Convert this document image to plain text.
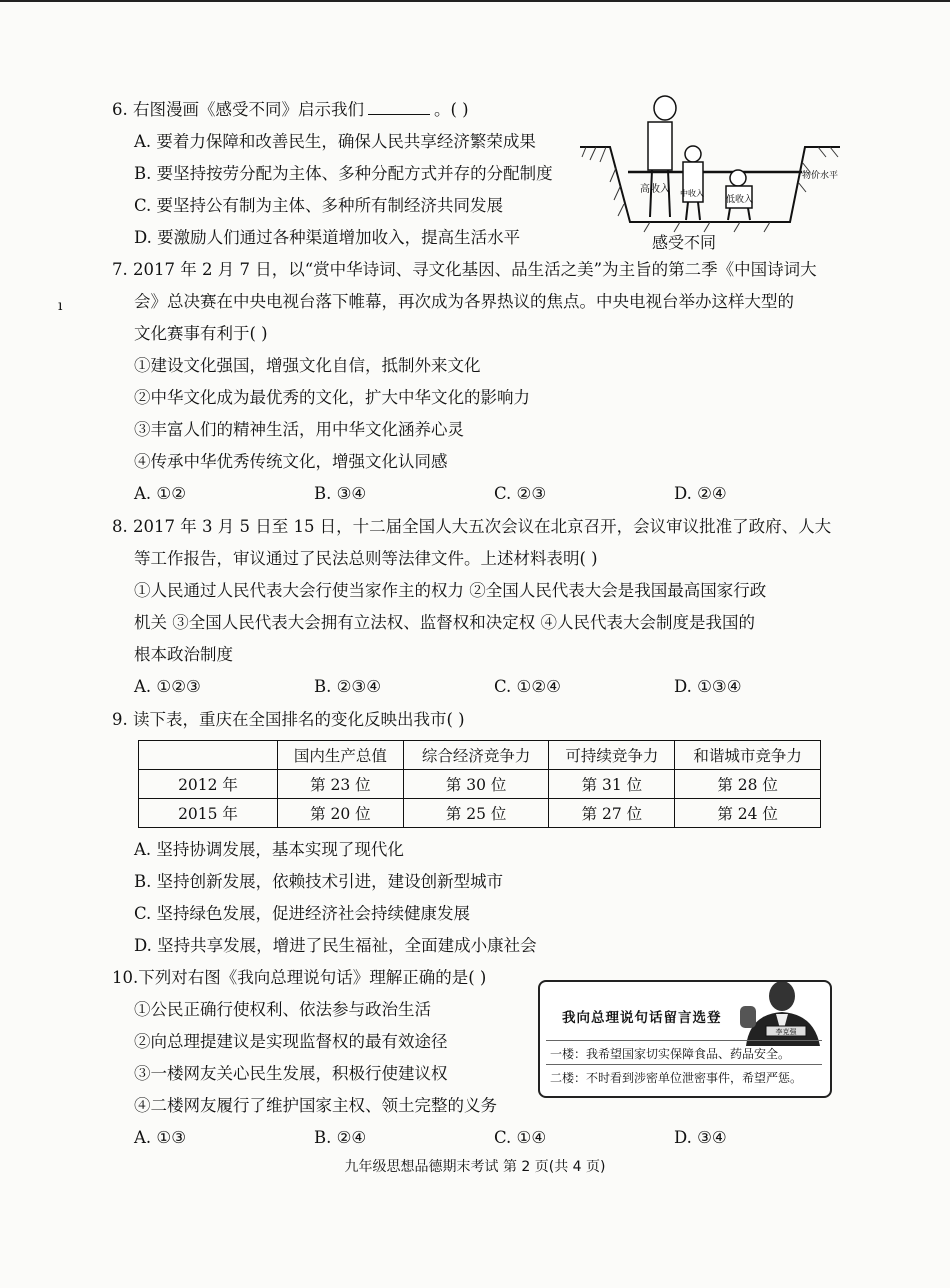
ı
6. 右图漫画《感受不同》启示我们	。( )
A. 要着力保障和改善民生，确保人民共享经济繁荣成果
B. 要坚持按劳分配为主体、多种分配方式并存的分配制度
C. 要坚持公有制为主体、多种所有制经济共同发展
D. 要激励人们通过各种渠道增加收入，提高生活水平
高收入 中收入
低收入
物价水平
感受不同
7. 2017 年 2 月 7 日，以“赏中华诗词、寻文化基因、品生活之美”为主旨的第二季《中国诗词大
会》总决赛在中央电视台落下帷幕，再次成为各界热议的焦点。中央电视台举办这样大型的
文化赛事有利于( )
①建设文化强国，增强文化自信，抵制外来文化
②中华文化成为最优秀的文化，扩大中华文化的影响力
③丰富人们的精神生活，用中华文化涵养心灵
④传承中华优秀传统文化，增强文化认同感
A. ①②	B. ③④	C. ②③	D. ②④
8. 2017 年 3 月 5 日至 15 日，十二届全国人大五次会议在北京召开，会议审议批准了政府、人大
等工作报告，审议通过了民法总则等法律文件。上述材料表明( )
①人民通过人民代表大会行使当家作主的权力 ②全国人民代表大会是我国最高国家行政
机关 ③全国人民代表大会拥有立法权、监督权和决定权 ④人民代表大会制度是我国的
根本政治制度
A. ①②③	B. ②③④	C. ①②④	D. ①③④
9. 读下表，重庆在全国排名的变化反映出我市( )
	国内生产总值	综合经济竞争力	可持续竞争力	和谐城市竞争力
2012 年	第 23 位	第 30 位	第 31 位	第 28 位
2015 年	第 20 位	第 25 位	第 27 位	第 24 位
A. 坚持协调发展，基本实现了现代化
B. 坚持创新发展，依赖技术引进，建设创新型城市
C. 坚持绿色发展，促进经济社会持续健康发展
D. 坚持共享发展，增进了民生福祉，全面建成小康社会
10.下列对右图《我向总理说句话》理解正确的是( )
①公民正确行使权利、依法参与政治生活
②向总理提建议是实现监督权的最有效途径
③一楼网友关心民生发展，积极行使建议权
④二楼网友履行了维护国家主权、领土完整的义务
A. ①③	B. ②④	C. ①④	D. ③④
我向总理说句话留言选登
李克强
一楼：我希望国家切实保障食品、药品安全。
二楼：不时看到涉密单位泄密事件，希望严惩。
九年级思想品德期末考试 第 2 页(共 4 页)
